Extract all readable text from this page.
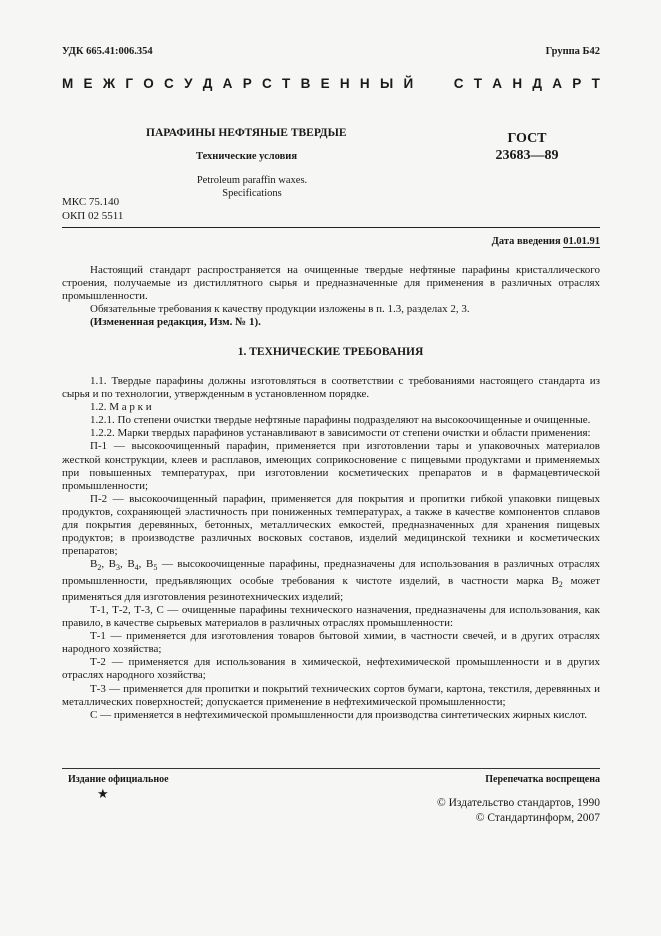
УДК 665.41:006.354	Группа Б42
М Е Ж Г О С У Д А Р С Т В Е Н Н Ы Й	С Т А Н Д А Р Т
ПАРАФИНЫ НЕФТЯНЫЕ ТВЕРДЫЕ
Технические условия
Petroleum paraffin waxes.
Specifications
ГОСТ
23683—89
МКС 75.140
ОКП 02 5511
Дата введения 01.01.91

Настоящий стандарт распространяется на очищенные твердые нефтяные парафины кристаллического строения, получаемые из дистиллятного сырья и предназначенные для применения в различных отраслях промышленности.

Обязательные требования к качеству продукции изложены в п. 1.3, разделах 2, 3.

(Измененная редакция, Изм. № 1).

1. ТЕХНИЧЕСКИЕ ТРЕБОВАНИЯ

1.1. Твердые парафины должны изготовляться в соответствии с требованиями настоящего стандарта из сырья и по технологии, утвержденным в установленном порядке.

1.2. М а р к и

1.2.1. По степени очистки твердые нефтяные парафины подразделяют на высокоочищенные и очищенные.

1.2.2. Марки твердых парафинов устанавливают в зависимости от степени очистки и области применения:

П-1 — высокоочищенный парафин, применяется при изготовлении тары и упаковочных материалов жесткой конструкции, клеев и расплавов, имеющих соприкосновение с пищевыми продуктами и применяемых при повышенных температурах, при изготовлении косметических препаратов и в фармацевтической промышленности;

П-2 — высокоочищенный парафин, применяется для покрытия и пропитки гибкой упаковки пищевых продуктов, сохраняющей эластичность при пониженных температурах, а также в качестве компонентов сплавов для покрытия деревянных, бетонных, металлических емкостей, предназначенных для хранения пищевых продуктов; в производстве различных восковых составов, изделий медицинской техники и косметических препаратов;

$В_2$, $В_3$, $В_4$, $В_5$ — высокоочищенные парафины, предназначены для использования в различных отраслях промышленности, предъявляющих особые требования к чистоте изделий, в частности марка $В_2$ может применяться для изготовления резинотехнических изделий;

Т-1, Т-2, Т-3, С — очищенные парафины технического назначения, предназначены для использования, как правило, в качестве сырьевых материалов в различных отраслях промышленности:

Т-1 — применяется для изготовления товаров бытовой химии, в частности свечей, и в других отраслях народного хозяйства;

Т-2 — применяется для использования в химической, нефтехимической промышленности и в других отраслях народного хозяйства;

Т-3 — применяется для пропитки и покрытий технических сортов бумаги, картона, текстиля, деревянных и металлических поверхностей; допускается применение в нефтехимической промышленности;

С — применяется в нефтехимической промышленности для производства синтетических жирных кислот.

Издание официальное	Перепечатка воспрещена
★
© Издательство стандартов, 1990
© Стандартинформ, 2007
